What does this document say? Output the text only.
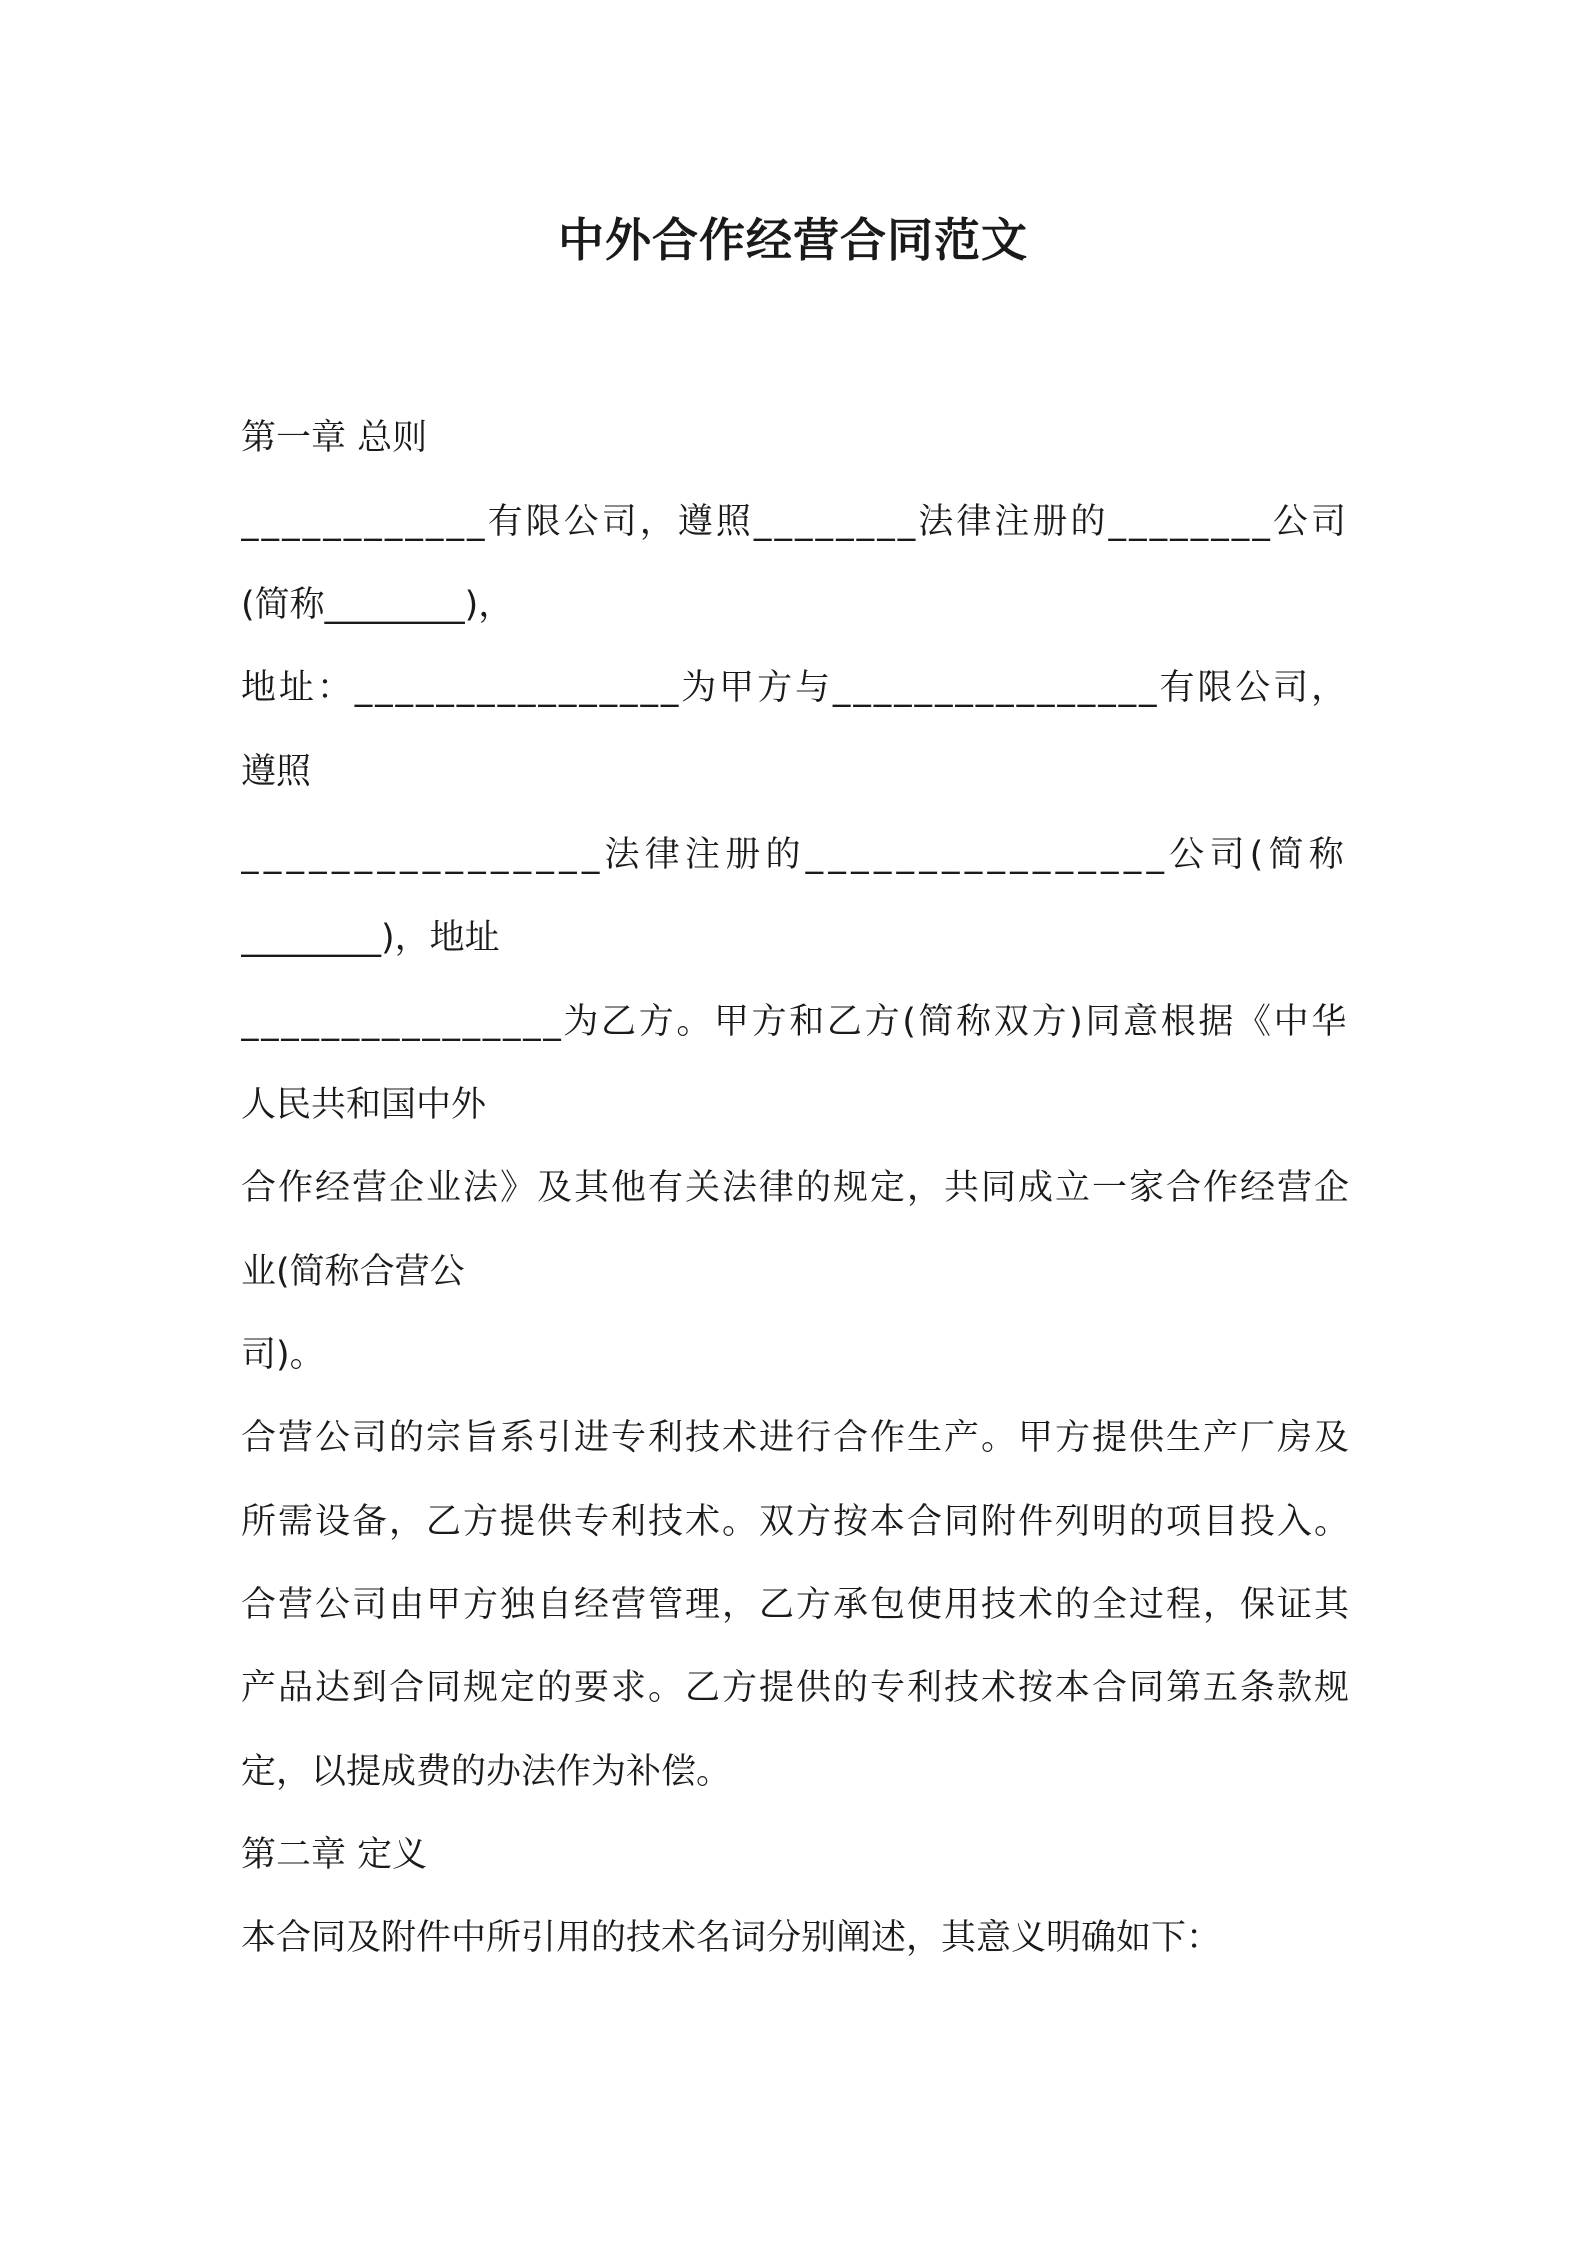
中外合作经营合同范文
第一章 总则
____________有限公司，遵照________法律注册的________公司
(简称________)，
地址：________________为甲方与________________有限公司，
遵照
________________法律注册的________________公司(简称
________)，地址
________________为乙方。甲方和乙方(简称双方)同意根据《中华
人民共和国中外
合作经营企业法》及其他有关法律的规定，共同成立一家合作经营企
业(简称合营公
司)。
合营公司的宗旨系引进专利技术进行合作生产。甲方提供生产厂房及
所需设备，乙方提供专利技术。双方按本合同附件列明的项目投入。
合营公司由甲方独自经营管理，乙方承包使用技术的全过程，保证其
产品达到合同规定的要求。乙方提供的专利技术按本合同第五条款规
定，以提成费的办法作为补偿。
第二章 定义
本合同及附件中所引用的技术名词分别阐述，其意义明确如下：
